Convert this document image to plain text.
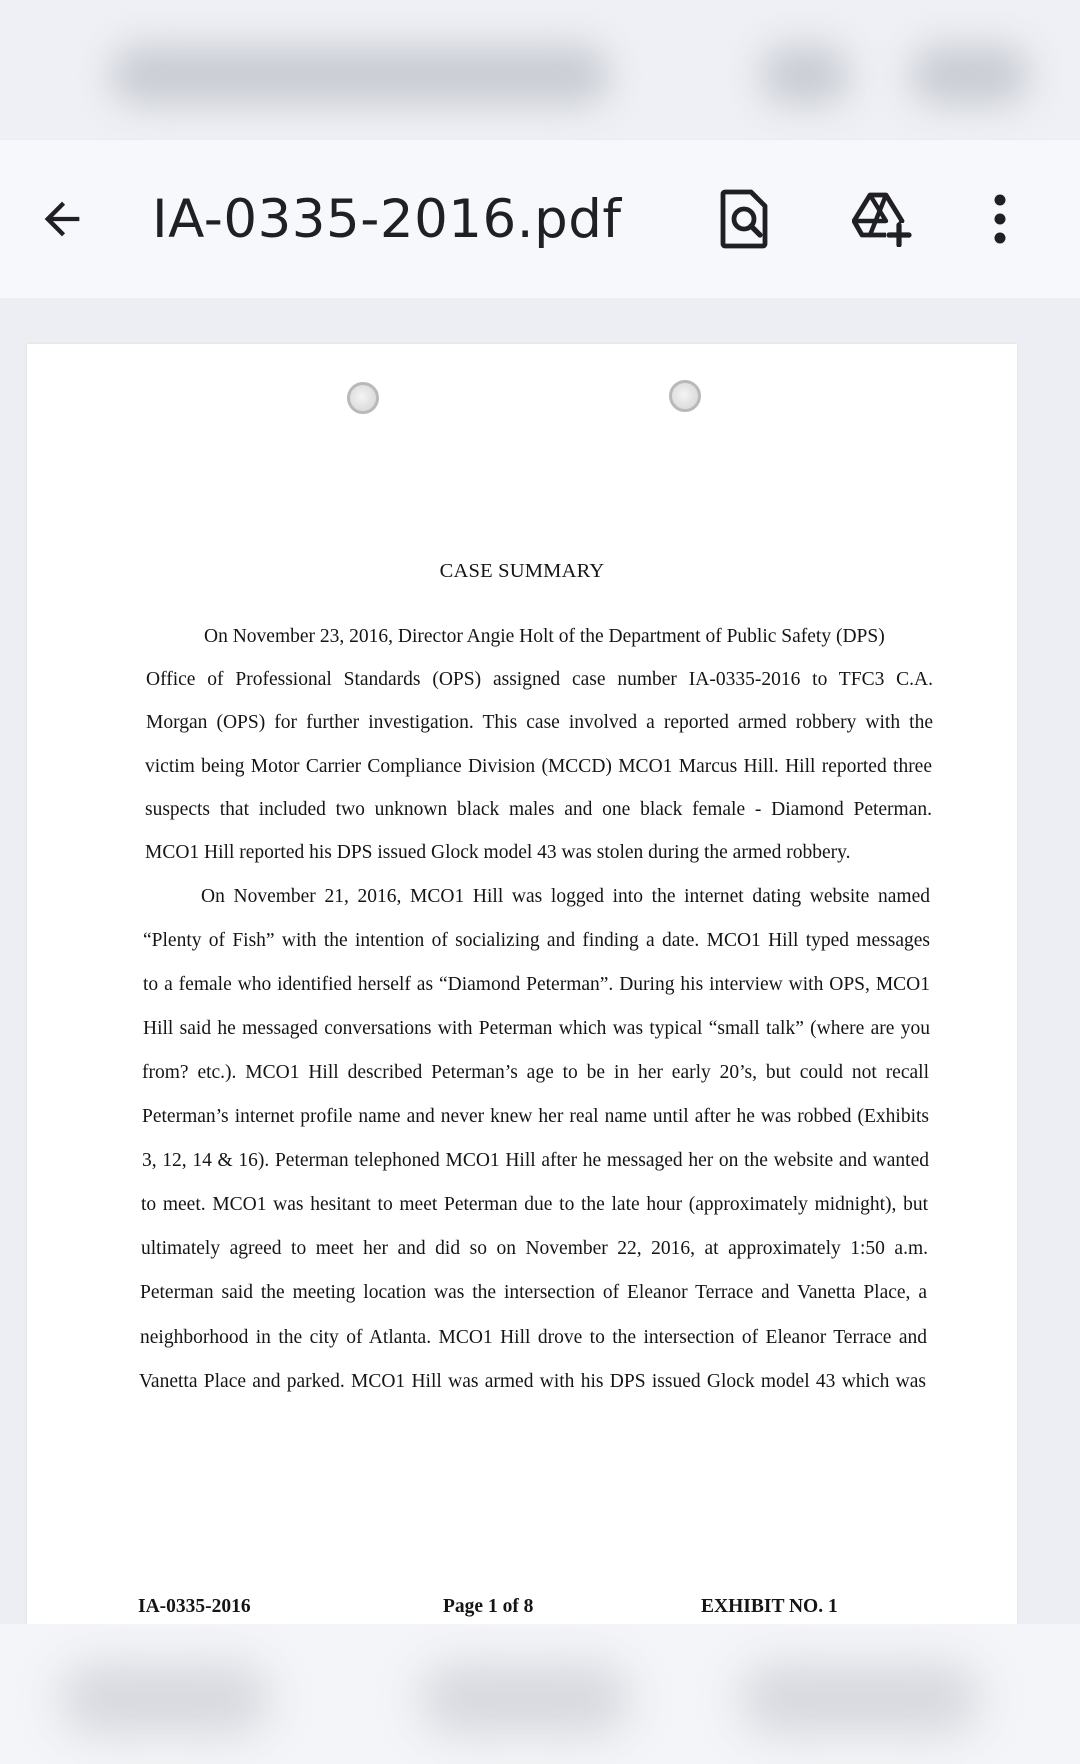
IA-0335-2016.pdf
CASE SUMMARY
On November 23, 2016, Director Angie Holt of the Department of Public Safety (DPS)
Office of Professional Standards (OPS) assigned case number IA-0335-2016 to TFC3 C.A.
Morgan (OPS) for further investigation. This case involved a reported armed robbery with the
victim being Motor Carrier Compliance Division (MCCD) MCO1 Marcus Hill. Hill reported three
suspects that included two unknown black males and one black female - Diamond Peterman.
MCO1 Hill reported his DPS issued Glock model 43 was stolen during the armed robbery.
On November 21, 2016, MCO1 Hill was logged into the internet dating website named
“Plenty of Fish” with the intention of socializing and finding a date. MCO1 Hill typed messages
to a female who identified herself as “Diamond Peterman”. During his interview with OPS, MCO1
Hill said he messaged conversations with Peterman which was typical “small talk” (where are you
from? etc.). MCO1 Hill described Peterman’s age to be in her early 20’s, but could not recall
Peterman’s internet profile name and never knew her real name until after he was robbed (Exhibits
3, 12, 14 & 16). Peterman telephoned MCO1 Hill after he messaged her on the website and wanted
to meet. MCO1 was hesitant to meet Peterman due to the late hour (approximately midnight), but
ultimately agreed to meet her and did so on November 22, 2016, at approximately 1:50 a.m.
Peterman said the meeting location was the intersection of Eleanor Terrace and Vanetta Place, a
neighborhood in the city of Atlanta. MCO1 Hill drove to the intersection of Eleanor Terrace and
Vanetta Place and parked. MCO1 Hill was armed with his DPS issued Glock model 43 which was
IA-0335-2016	Page 1 of 8	EXHIBIT NO. 1
